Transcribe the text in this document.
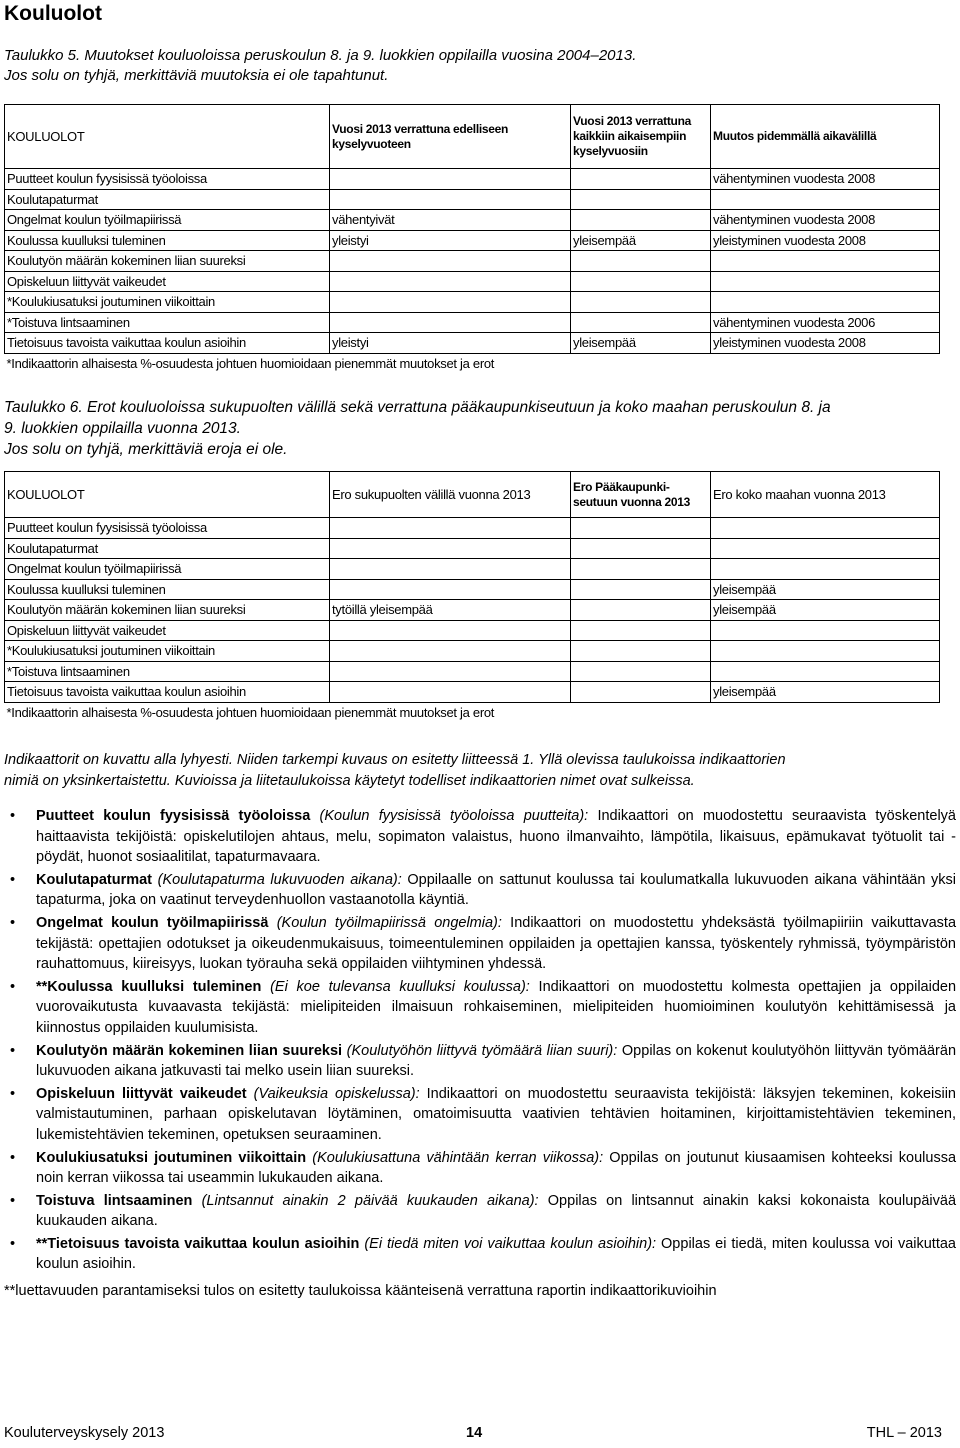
Kouluolot
Taulukko 5. Muutokset kouluoloissa peruskoulun 8. ja 9. luokkien oppilailla vuosina 2004–2013.
Jos solu on tyhjä, merkittäviä muutoksia ei ole tapahtunut.
KOULUOLOT	Vuosi 2013 verrattuna edelliseen kyselyvuoteen	Vuosi 2013 verrattuna kaikkiin aikaisempiin kyselyvuosiin	Muutos pidemmällä aikavälillä
Puutteet koulun fyysisissä työoloissa			vähentyminen vuodesta 2008
Koulutapaturmat			
Ongelmat koulun työilmapiirissä	vähentyivät		vähentyminen vuodesta 2008
Koulussa kuulluksi tuleminen	yleistyi	yleisempää	yleistyminen vuodesta 2008
Koulutyön määrän kokeminen liian suureksi			
Opiskeluun liittyvät vaikeudet			
*Koulukiusatuksi joutuminen viikoittain			
*Toistuva lintsaaminen			vähentyminen vuodesta 2006
Tietoisuus tavoista vaikuttaa koulun asioihin	yleistyi	yleisempää	yleistyminen vuodesta 2008
*Indikaattorin alhaisesta %-osuudesta johtuen huomioidaan pienemmät muutokset ja erot			
Taulukko 6. Erot kouluoloissa sukupuolten välillä sekä verrattuna pääkaupunkiseutuun ja koko maahan peruskoulun 8. ja
9. luokkien oppilailla vuonna 2013.
Jos solu on tyhjä, merkittäviä eroja ei ole.
KOULUOLOT	Ero sukupuolten välillä vuonna 2013	Ero Pääkaupunki- seutuun vuonna 2013	Ero koko maahan vuonna 2013
Puutteet koulun fyysisissä työoloissa			
Koulutapaturmat			
Ongelmat koulun työilmapiirissä			
Koulussa kuulluksi tuleminen			yleisempää
Koulutyön määrän kokeminen liian suureksi	tytöillä yleisempää		yleisempää
Opiskeluun liittyvät vaikeudet			
*Koulukiusatuksi joutuminen viikoittain			
*Toistuva lintsaaminen			
Tietoisuus tavoista vaikuttaa koulun asioihin			yleisempää
*Indikaattorin alhaisesta %-osuudesta johtuen huomioidaan pienemmät muutokset ja erot			

Indikaattorit on kuvattu alla lyhyesti. Niiden tarkempi kuvaus on esitetty liitteessä 1. Yllä olevissa taulukoissa indikaattorien

nimiä on yksinkertaistettu. Kuvioissa ja liitetaulukoissa käytetyt todelliset indikaattorien nimet ovat sulkeissa.

• Puutteet koulun fyysisissä työoloissa (Koulun fyysisissä työoloissa puutteita): Indikaattori on muodostettu seuraavista työskentelyä haittaavista tekijöistä: opiskelutilojen ahtaus, melu, sopimaton valaistus, huono ilmanvaihto, lämpötila, likaisuus, epämukavat työtuolit tai -pöydät, huonot sosiaalitilat, tapaturmavaara.
• Koulutapaturmat (Koulutapaturma lukuvuoden aikana): Oppilaalle on sattunut koulussa tai koulumatkalla lukuvuoden aikana vähintään yksi tapaturma, joka on vaatinut terveydenhuollon vastaanotolla käyntiä.
• Ongelmat koulun työilmapiirissä (Koulun työilmapiirissä ongelmia): Indikaattori on muodostettu yhdeksästä työilmapiiriin vaikuttavasta tekijästä: opettajien odotukset ja oikeudenmukaisuus, toimeentuleminen oppilaiden ja opettajien kanssa, työskentely ryhmissä, työympäristön rauhattomuus, kiireisyys, luokan työrauha sekä oppilaiden viihtyminen yhdessä.
• **Koulussa kuulluksi tuleminen (Ei koe tulevansa kuulluksi koulussa): Indikaattori on muodostettu kolmesta opettajien ja oppilaiden vuorovaikutusta kuvaavasta tekijästä: mielipiteiden ilmaisuun rohkaiseminen, mielipiteiden huomioiminen koulutyön kehittämisessä ja kiinnostus oppilaiden kuulumisista.
• Koulutyön määrän kokeminen liian suureksi (Koulutyöhön liittyvä työmäärä liian suuri): Oppilas on kokenut koulutyöhön liittyvän työmäärän lukuvuoden aikana jatkuvasti tai melko usein liian suureksi.
• Opiskeluun liittyvät vaikeudet (Vaikeuksia opiskelussa): Indikaattori on muodostettu seuraavista tekijöistä: läksyjen tekeminen, kokeisiin valmistautuminen, parhaan opiskelutavan löytäminen, omatoimisuutta vaativien tehtävien hoitaminen, kirjoittamistehtävien tekeminen, lukemistehtävien tekeminen, opetuksen seuraaminen.
• Koulukiusatuksi joutuminen viikoittain (Koulukiusattuna vähintään kerran viikossa): Oppilas on joutunut kiusaamisen kohteeksi koulussa noin kerran viikossa tai useammin lukukauden aikana.
• Toistuva lintsaaminen (Lintsannut ainakin 2 päivää kuukauden aikana): Oppilas on lintsannut ainakin kaksi kokonaista koulupäivää kuukauden aikana.
• **Tietoisuus tavoista vaikuttaa koulun asioihin (Ei tiedä miten voi vaikuttaa koulun asioihin): Oppilas ei tiedä, miten koulussa voi vaikuttaa koulun asioihin.
**luettavuuden parantamiseksi tulos on esitetty taulukoissa käänteisenä verrattuna raportin indikaattorikuvioihin
Kouluterveyskysely 2013	14	THL – 2013
